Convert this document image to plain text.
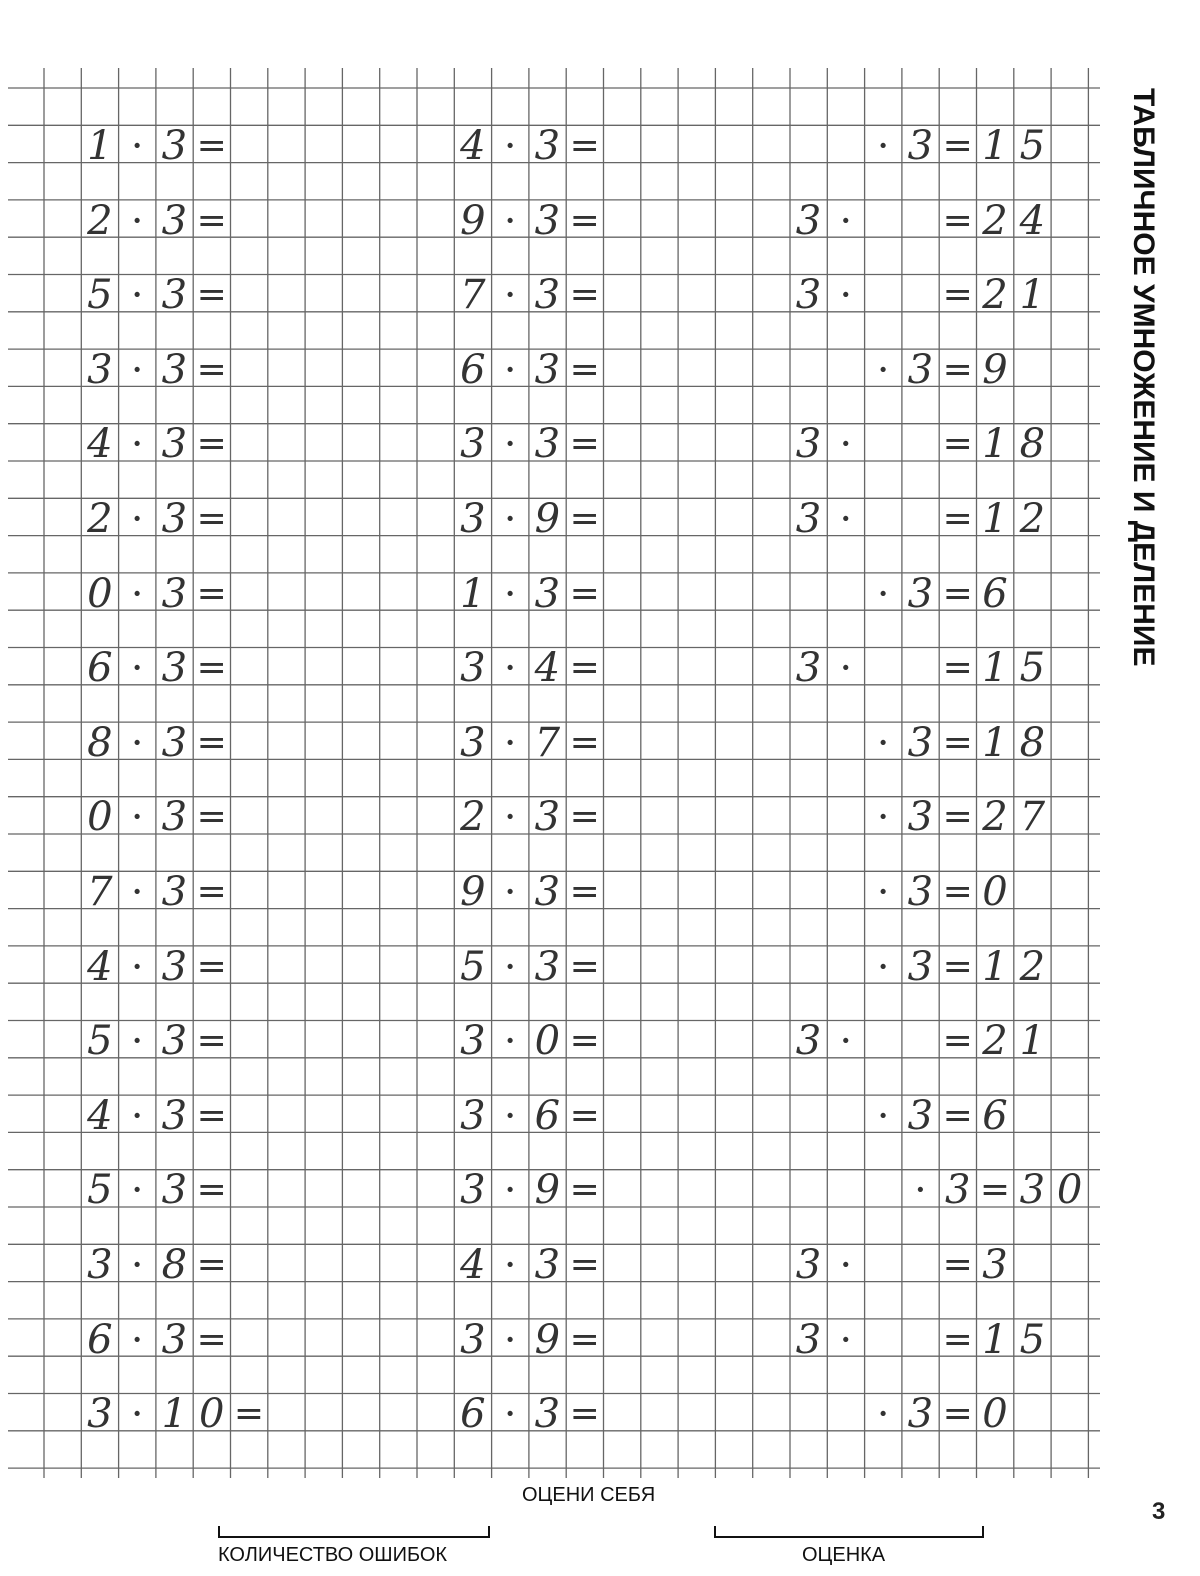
1 · 3 =
2 · 3 =
5 · 3 =
3 · 3 =
4 · 3 =
2 · 3 =
0 · 3 =
6 · 3 =
8 · 3 =
0 · 3 =
7 · 3 =
4 · 3 =
5 · 3 =
4 · 3 =
5 · 3 =
3 · 8 =
6 · 3 =
3 · 1 0 =
4 · 3 =
9 · 3 =
7 · 3 =
6 · 3 =
3 · 3 =
3 · 9 =
1 · 3 =
3 · 4 =
3 · 7 =
2 · 3 =
9 · 3 =
5 · 3 =
3 · 0 =
3 · 6 =
3 · 9 =
4 · 3 =
3 · 9 =
6 · 3 =
· 3 = 1 5
3 ·	= 2 4
3 ·	= 2 1
· 3 = 9
3 ·	= 1 8
3 ·	= 1 2
· 3 = 6
3 ·	= 1 5
· 3 = 1 8
· 3 = 2 7
· 3 = 0
· 3 = 1 2
3 ·	= 2 1
· 3 = 6
· 3 = 3 0
3 ·	= 3
3 ·	= 1 5
· 3 = 0
ТАБЛИЧНОЕ УМНОЖЕНИЕ И ДЕЛЕНИЕ
КОЛИЧЕСТВО ОШИБОК
ОЦЕНИ СЕБЯ
ОЦЕНКА
3
